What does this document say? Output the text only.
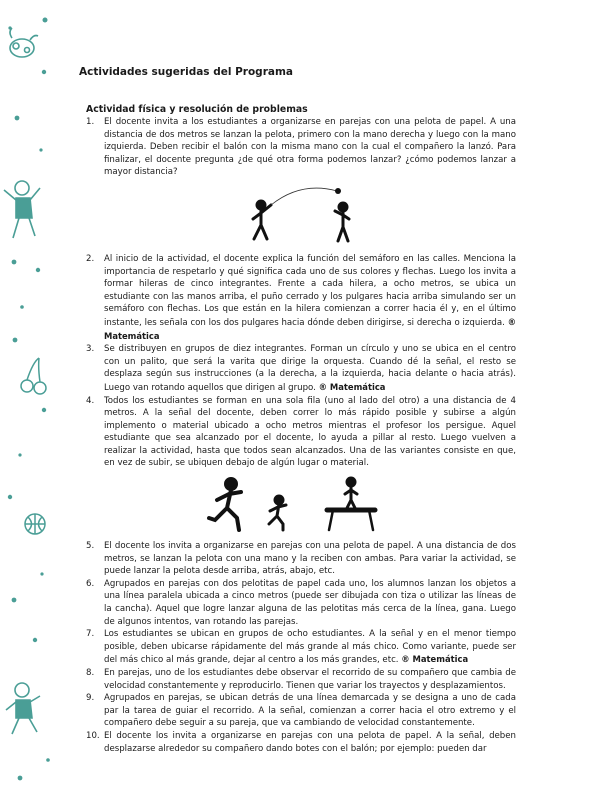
Actividades sugeridas del Programa
Actividad física y resolución de problemas
1. El docente invita a los estudiantes a organizarse en parejas con una pelota de papel. A una distancia de dos metros se lanzan la pelota, primero con la mano derecha y luego con la mano izquierda. Deben recibir el balón con la misma mano con la cual el compañero la lanzó. Para finalizar, el docente pregunta ¿de qué otra forma podemos lanzar? ¿cómo podemos lanzar a mayor distancia?
2. Al inicio de la actividad, el docente explica la función del semáforo en las calles. Menciona la importancia de respetarlo y qué significa cada uno de sus colores y flechas. Luego los invita a formar hileras de cinco integrantes. Frente a cada hilera, a ocho metros, se ubica un estudiante con las manos arriba, el puño cerrado y los pulgares hacia arriba simulando ser un semáforo con flechas. Los que están en la hilera comienzan a correr hacia él y, en el último instante, les señala con los dos pulgares hacia dónde deben dirigirse, si derecha o izquierda. ® Matemática
3. Se distribuyen en grupos de diez integrantes. Forman un círculo y uno se ubica en el centro con un palito, que será la varita que dirige la orquesta. Cuando dé la señal, el resto se desplaza según sus instrucciones (a la derecha, a la izquierda, hacia delante o hacia atrás). Luego van rotando aquellos que dirigen al grupo. ® Matemática
4. Todos los estudiantes se forman en una sola fila (uno al lado del otro) a una distancia de 4 metros. A la señal del docente, deben correr lo más rápido posible y subirse a algún implemento o material ubicado a ocho metros mientras el profesor los persigue. Aquel estudiante que sea alcanzado por el docente, lo ayuda a pillar al resto. Luego vuelven a realizar la actividad, hasta que todos sean alcanzados. Una de las variantes consiste en que, en vez de subir, se ubiquen debajo de algún lugar o material.
5. El docente los invita a organizarse en parejas con una pelota de papel. A una distancia de dos metros, se lanzan la pelota con una mano y la reciben con ambas. Para variar la actividad, se puede lanzar la pelota desde arriba, atrás, abajo, etc.
6. Agrupados en parejas con dos pelotitas de papel cada uno, los alumnos lanzan los objetos a una línea paralela ubicada a cinco metros (puede ser dibujada con tiza o utilizar las líneas de la cancha). Aquel que logre lanzar alguna de las pelotitas más cerca de la línea, gana. Luego de algunos intentos, van rotando las parejas.
7. Los estudiantes se ubican en grupos de ocho estudiantes. A la señal y en el menor tiempo posible, deben ubicarse rápidamente del más grande al más chico. Como variante, puede ser del más chico al más grande, dejar al centro a los más grandes, etc. ® Matemática
8. En parejas, uno de los estudiantes debe observar el recorrido de su compañero que cambia de velocidad constantemente y reproducirlo. Tienen que variar los trayectos y desplazamientos.
9. Agrupados en parejas, se ubican detrás de una línea demarcada y se designa a uno de cada par la tarea de guiar el recorrido. A la señal, comienzan a correr hacia el otro extremo y el compañero debe seguir a su pareja, que va cambiando de velocidad constantemente.
10. El docente los invita a organizarse en parejas con una pelota de papel. A la señal, deben desplazarse alrededor su compañero dando botes con el balón; por ejemplo: pueden dar
